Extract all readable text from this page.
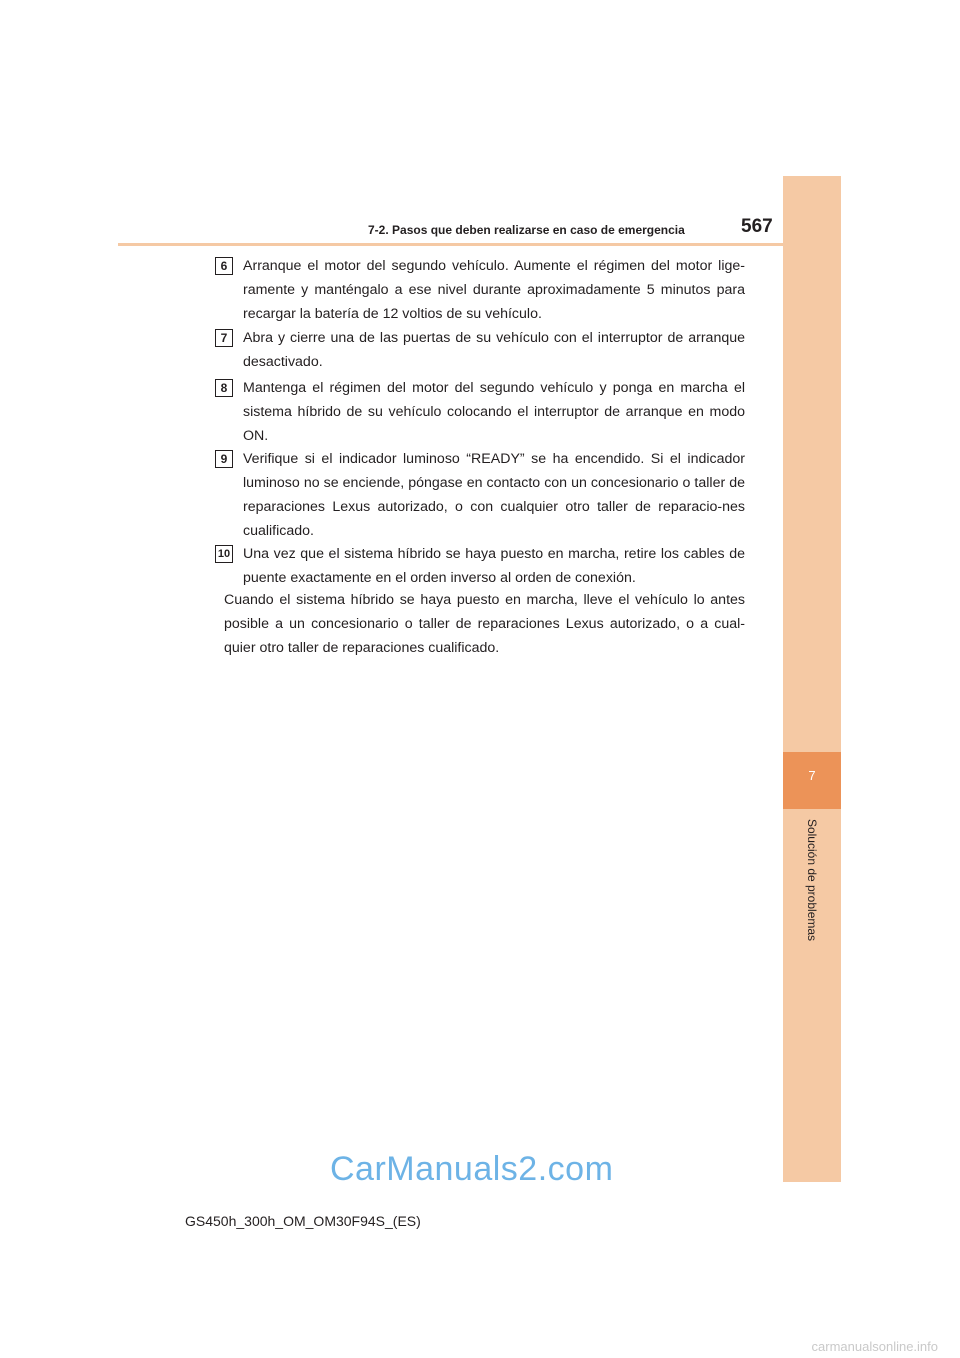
7
Solución de problemas
7-2. Pasos que deben realizarse en caso de emergencia	567
6	Arranque el motor del segundo vehículo. Aumente el régimen del motor lige-ramente y manténgalo a ese nivel durante aproximadamente 5 minutos para recargar la batería de 12 voltios de su vehículo.
7	Abra y cierre una de las puertas de su vehículo con el interruptor de arranque desactivado.
8	Mantenga el régimen del motor del segundo vehículo y ponga en marcha el sistema híbrido de su vehículo colocando el interruptor de arranque en modo ON.
9	Verifique si el indicador luminoso “READY” se ha encendido. Si el indicador luminoso no se enciende, póngase en contacto con un concesionario o taller de reparaciones Lexus autorizado, o con cualquier otro taller de reparacio-nes cualificado.
10 Una vez que el sistema híbrido se haya puesto en marcha, retire los cables de puente exactamente en el orden inverso al orden de conexión.
Cuando el sistema híbrido se haya puesto en marcha, lleve el vehículo lo antes posible a un concesionario o taller de reparaciones Lexus autorizado, o a cual-quier otro taller de reparaciones cualificado.
CarManuals2.com
GS450h_300h_OM_OM30F94S_(ES)
carmanualsonline.info
